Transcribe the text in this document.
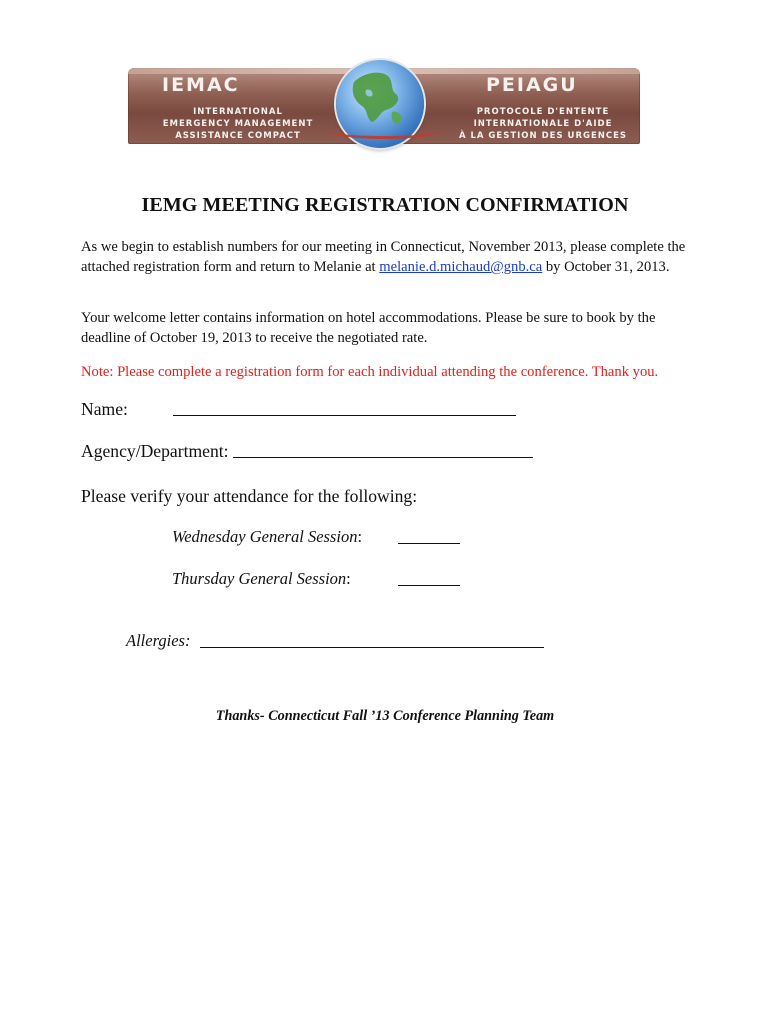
IEMAC
INTERNATIONAL
EMERGENCY MANAGEMENT
ASSISTANCE COMPACT
PEIAGU
PROTOCOLE D'ENTENTE
INTERNATIONALE D'AIDE
À LA GESTION DES URGENCES
IEMG MEETING REGISTRATION CONFIRMATION
As we begin to establish numbers for our meeting in Connecticut, November 2013, please complete the attached registration form and return to Melanie at melanie.d.michaud@gnb.ca by October 31, 2013.
Your welcome letter contains information on hotel accommodations. Please be sure to book by the deadline of October 19, 2013 to receive the negotiated rate.
Note: Please complete a registration form for each individual attending the conference. Thank you.
Name:
Agency/Department:
Please verify your attendance for the following:
Wednesday General Session:
Thursday General Session:
Allergies:
Thanks- Connecticut Fall ’13 Conference Planning Team
